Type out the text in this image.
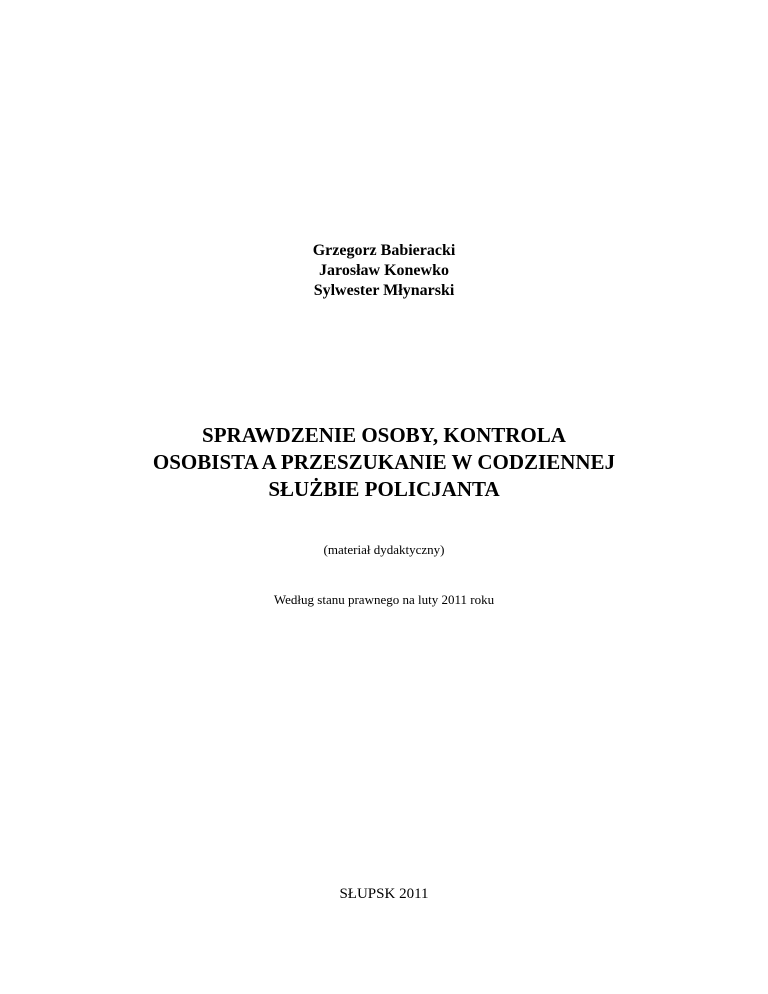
Grzegorz Babieracki
Jarosław Konewko
Sylwester Młynarski
SPRAWDZENIE OSOBY, KONTROLA
OSOBISTA A PRZESZUKANIE W CODZIENNEJ
SŁUŻBIE POLICJANTA
(materiał dydaktyczny)
Według stanu prawnego na luty 2011 roku
SŁUPSK 2011
